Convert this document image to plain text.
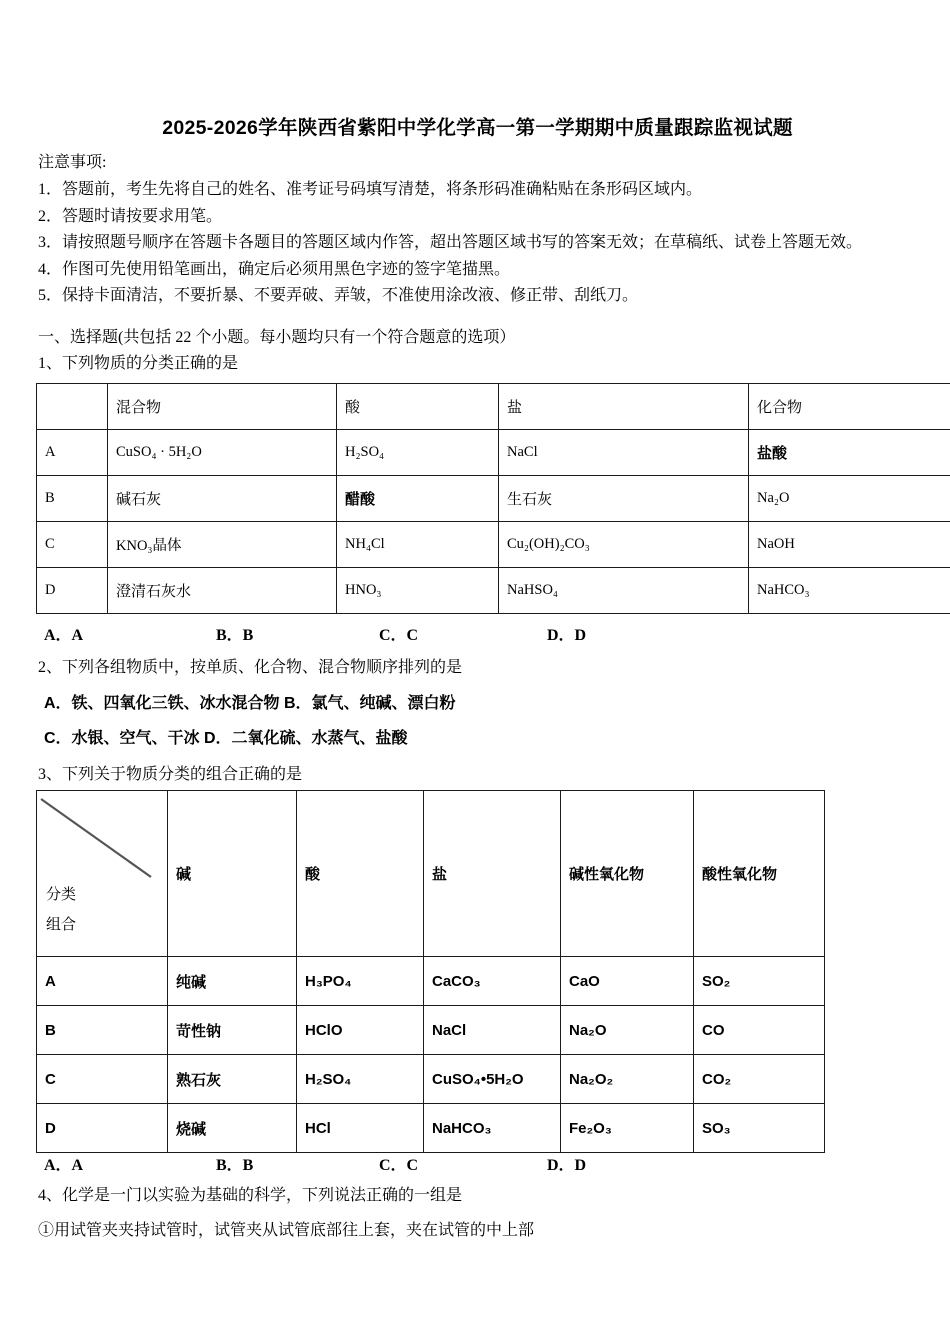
2025-2026学年陕西省紫阳中学化学高一第一学期期中质量跟踪监视试题
注意事项:
1．答题前，考生先将自己的姓名、准考证号码填写清楚，将条形码准确粘贴在条形码区域内。
2．答题时请按要求用笔。
3．请按照题号顺序在答题卡各题目的答题区域内作答，超出答题区域书写的答案无效；在草稿纸、试卷上答题无效。
4．作图可先使用铅笔画出，确定后必须用黑色字迹的签字笔描黑。
5．保持卡面清洁，不要折暴、不要弄破、弄皱，不准使用涂改液、修正带、刮纸刀。
一、选择题(共包括 22 个小题。每小题均只有一个符合题意的选项）
1、下列物质的分类正确的是
	混合物	酸	盐	化合物
A	CuSO₄ · 5H₂O	H₂SO₄	NaCl	盐酸
B	碱石灰	醋酸	生石灰	Na₂O
C	KNO₃晶体	NH₄Cl	Cu₂(OH)₂CO₃	NaOH
D	澄清石灰水	HNO₃	NaHSO₄	NaHCO₃
A．A	B．B	C．C	D．D
2、下列各组物质中，按单质、化合物、混合物顺序排列的是
A．铁、四氧化三铁、冰水混合物 B．氯气、纯碱、漂白粉
C．水银、空气、干冰 D．二氧化硫、水蒸气、盐酸
3、下列关于物质分类的组合正确的是
分类
组合	碱	酸	盐	碱性氧化物	酸性氧化物
A	纯碱	H₃PO₄	CaCO₃	CaO	SO₂
B	苛性钠	HClO	NaCl	Na₂O	CO
C	熟石灰	H₂SO₄	CuSO₄•5H₂O	Na₂O₂	CO₂
D	烧碱	HCl	NaHCO₃	Fe₂O₃	SO₃
A．A	B．B	C．C	D．D
4、化学是一门以实验为基础的科学，下列说法正确的一组是
①用试管夹夹持试管时，试管夹从试管底部往上套，夹在试管的中上部
